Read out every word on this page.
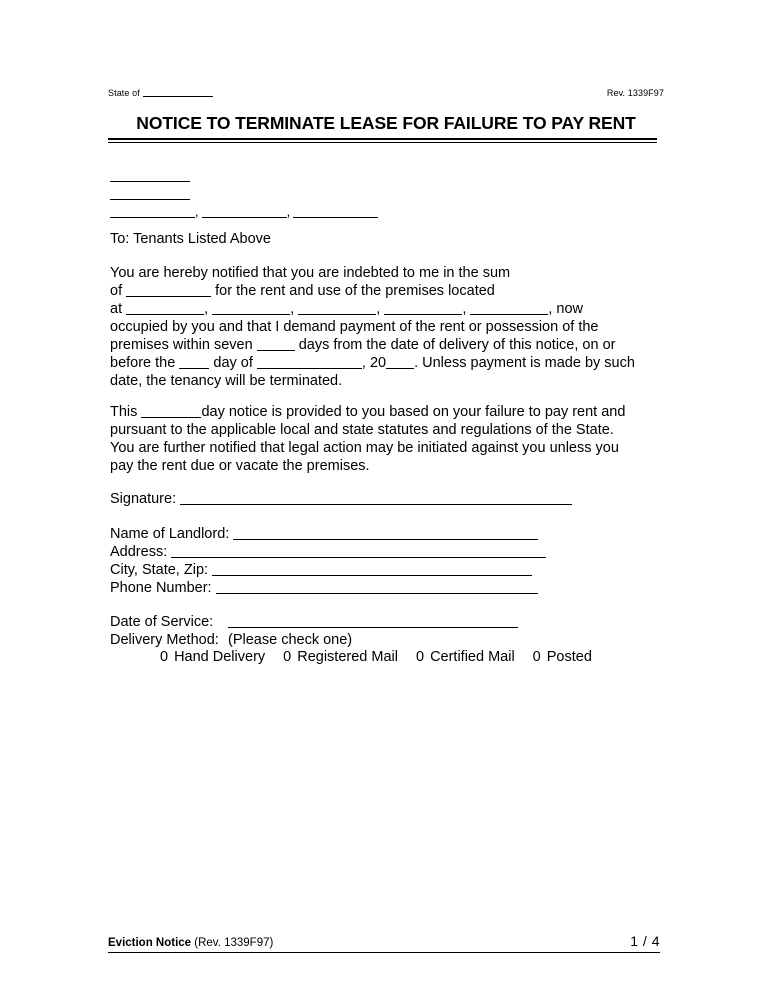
State of	Rev. 1339F97
NOTICE TO TERMINATE LEASE FOR FAILURE TO PAY RENT
,	,
To: Tenants Listed Above
You are hereby notified that you are indebted to me in the sum
of	for the rent and use of the premises located
at	,	,	,	,	, now
occupied by you and that I demand payment of the rent or possession of the
premises within seven	days from the date of delivery of this notice, on or
before the	day of	, 20 . Unless payment is made by such
date, the tenancy will be terminated.
This	day notice is provided to you based on your failure to pay rent and
pursuant to the applicable local and state statutes and regulations of the State.
You are further notified that legal action may be initiated against you unless you
pay the rent due or vacate the premises.
Signature:
Name of Landlord:
Address:
City, State, Zip:
Phone Number:
Date of Service:
Delivery Method: (Please check one)
0 Hand Delivery 0 Registered Mail 0 Certified Mail 0 Posted
Eviction Notice (Rev. 1339F97)	1 / 4
